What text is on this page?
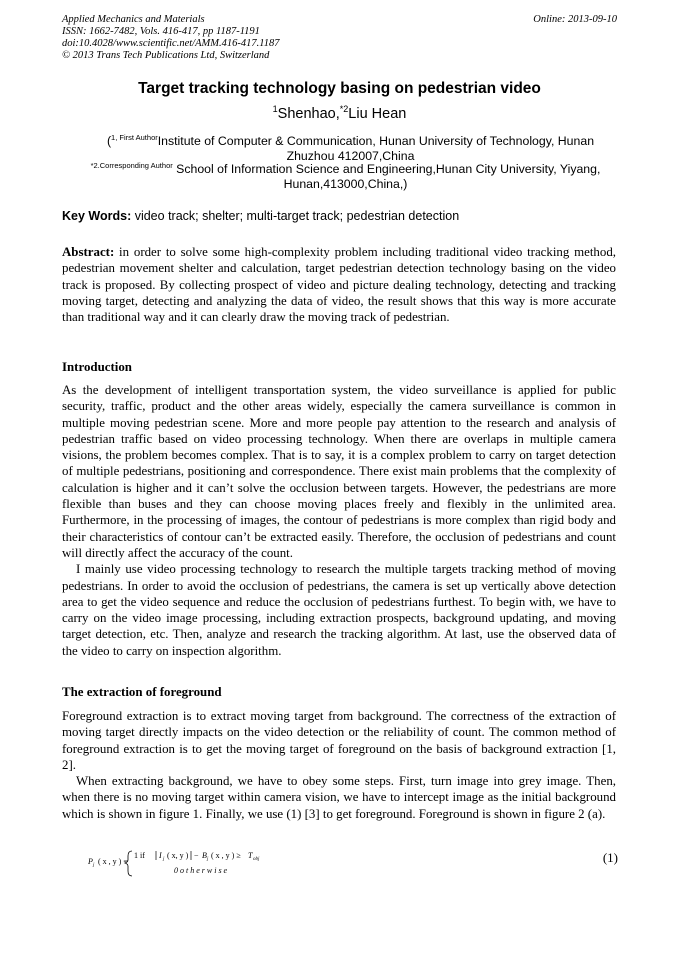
Applied Mechanics and Materials
ISSN: 1662-7482, Vols. 416-417, pp 1187-1191
doi:10.4028/www.scientific.net/AMM.416-417.1187
© 2013 Trans Tech Publications Ltd, Switzerland
Online: 2013-09-10
Target tracking technology basing on pedestrian video
$^1$Shenhao,$^{*2}$Liu Hean
($^{1, First Author}$Institute of Computer & Communication, Hunan University of Technology, Hunan Zhuzhou 412007,China
$^{*2.Corresponding Author}$ School of Information Science and Engineering,Hunan City University, Yiyang, Hunan,413000,China,)
Key Words: video track; shelter; multi-target track; pedestrian detection

Abstract: in order to solve some high-complexity problem including traditional video tracking method, pedestrian movement shelter and calculation, target pedestrian detection technology basing on the video track is proposed. By collecting prospect of video and picture dealing technology, detecting and tracking moving target, detecting and analyzing the data of video, the result shows that this way is more accurate than traditional way and it can clearly draw the moving track of pedestrian.

Introduction

As the development of intelligent transportation system, the video surveillance is applied for public security, traffic, product and the other areas widely, especially the camera surveillance is common in multiple moving pedestrian scene. More and more people pay attention to the research and analysis of pedestrian traffic based on video processing technology. When there are overlaps in multiple camera visions, the problem becomes complex. That is to say, it is a complex problem to carry on target detection of multiple pedestrians, positioning and correspondence. There exist main problems that the complexity of calculation is higher and it can’t solve the occlusion between targets. However, the pedestrians are more flexible than buses and they can choose moving places freely and flexibly in the unlimited area. Furthermore, in the processing of images, the contour of pedestrians is more complex than rigid body and their characteristics of contour can’t be extracted easily. Therefore, the occlusion of pedestrians and count will directly affect the accuracy of the count.

I mainly use video processing technology to research the multiple targets tracking method of moving pedestrians. In order to avoid the occlusion of pedestrians, the camera is set up vertically above detection area to get the video sequence and reduce the occlusion of pedestrians furthest. To begin with, we have to carry on the video image processing, including extraction prospects, background updating, and moving target detection, etc. Then, analyze and research the tracking algorithm. At last, use the observed data of the video to carry on inspection algorithm.

The extraction of foreground

Foreground extraction is to extract moving target from background. The correctness of the extraction of moving target directly impacts on the video detection or the reliability of count. The common method of foreground extraction is to get the moving target of foreground on the basis of background extraction [1, 2].

When extracting background, we have to obey some steps. First, turn image into grey image. Then, when there is no moving target within camera vision, we have to intercept image as the initial background which is shown in figure 1. Finally, we use (1) [3] to get foreground. Foreground is shown in figure 2 (a).

P j ( x , y ) =
1 if I j ( x, y ) − B j ( x , y ) ≥ T obj
0 o t h e r w i s e
(1)
